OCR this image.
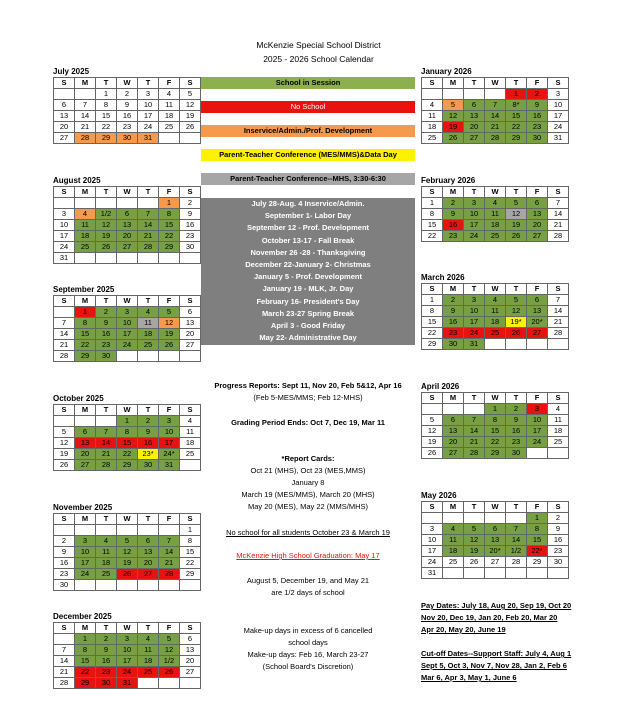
McKenzie Special School District
2025 - 2026 School Calendar
July 2025
S	M	T	W	T	F	S
		1	2	3	4	5
6	7	8	9	10	11	12
13	14	15	16	17	18	19
20	21	22	23	24	25	26
27	28	29	30	31		
August 2025
S	M	T	W	T	F	S
					1	2
3	4	1/2	6	7	8	9
10	11	12	13	14	15	16
17	18	19	20	21	22	23
24	25	26	27	28	29	30
31						
September 2025
S	M	T	W	T	F	S
	1	2	3	4	5	6
7	8	9	10	11	12	13
14	15	16	17	18	19	20
21	22	23	24	25	26	27
28	29	30				
October 2025
S	M	T	W	T	F	S
			1	2	3	4
5	6	7	8	9	10	11
12	13	14	15	16	17	18
19	20	21	22	23*	24*	25
26	27	28	29	30	31	
November 2025
S	M	T	W	T	F	S
						1
2	3	4	5	6	7	8
9	10	11	12	13	14	15
16	17	18	19	20	21	22
23	24	25	26	27	28	29
30						
December 2025
S	M	T	W	T	F	S
	1	2	3	4	5	6
7	8	9	10	11	12	13
14	15	16	17	18	1/2	20
21	22	23	24	25	26	27
28	29	30	31			
January 2026
S	M	T	W	T	F	S
				1	2	3
4	5	6	7	8*	9	10
11	12	13	14	15	16	17
18	19	20	21	22	23	24
25	26	27	28	29	30	31
February 2026
S	M	T	W	T	F	S
1	2	3	4	5	6	7
8	9	10	11	12	13	14
15	16	17	18	19	20	21
22	23	24	25	26	27	28
March 2026
S	M	T	W	T	F	S
1	2	3	4	5	6	7
8	9	10	11	12	13	14
15	16	17	18	19*	20*	21
22	23	24	25	26	27	28
29	30	31				
April 2026
S	M	T	W	T	F	S
			1	2	3	4
5	6	7	8	9	10	11
12	13	14	15	16	17	18
19	20	21	22	23	24	25
26	27	28	29	30		
May 2026
S	M	T	W	T	F	S
					1	2
3	4	5	6	7	8	9
10	11	12	13	14	15	16
17	18	19	20*	1/2	22*	23
24	25	26	27	28	29	30
31						
School in Session
No School
Inservice/Admin./Prof. Development
Parent-Teacher Conference (MES/MMS)&Data Day
Parent-Teacher Conference--MHS, 3:30-6:30
July 28-Aug. 4 Inservice/Admin.
September 1- Labor Day
September 12 - Prof. Development
October 13-17 - Fall Break
November 26 -28 - Thanksgiving
December 22-January 2- Christmas
January 5 - Prof. Development
January 19 - MLK, Jr. Day
February 16- President's Day
March 23-27 Spring Break
April 3 - Good Friday
May 22- Administrative Day
Progress Reports: Sept 11, Nov 20, Feb 5&12, Apr 16
(Feb 5-MES/MMS; Feb 12-MHS)
Grading Period Ends: Oct 7, Dec 19, Mar 11
*Report Cards:
Oct 21 (MHS), Oct 23 (MES,MMS)
January 8
March 19 (MES/MMS), March 20 (MHS)
May 20 (MES), May 22 (MMS/MHS)
No school for all students October 23 & March 19
McKenzie High School Graduation: May 17
August 5, December 19, and May 21
are 1/2 days of school
Make-up days in excess of 6 cancelled
school days
Make-up days: Feb 16, March 23-27
(School Board's Discretion)
Pay Dates: July 18, Aug 20, Sep 19, Oct 20
Nov 20, Dec 19, Jan 20, Feb 20, Mar 20
Apr 20, May 20, June 19
Cut-off Dates--Support Staff: July 4, Aug 1
Sept 5, Oct 3, Nov 7, Nov 28, Jan 2, Feb 6
Mar 6, Apr 3, May 1, June 6
